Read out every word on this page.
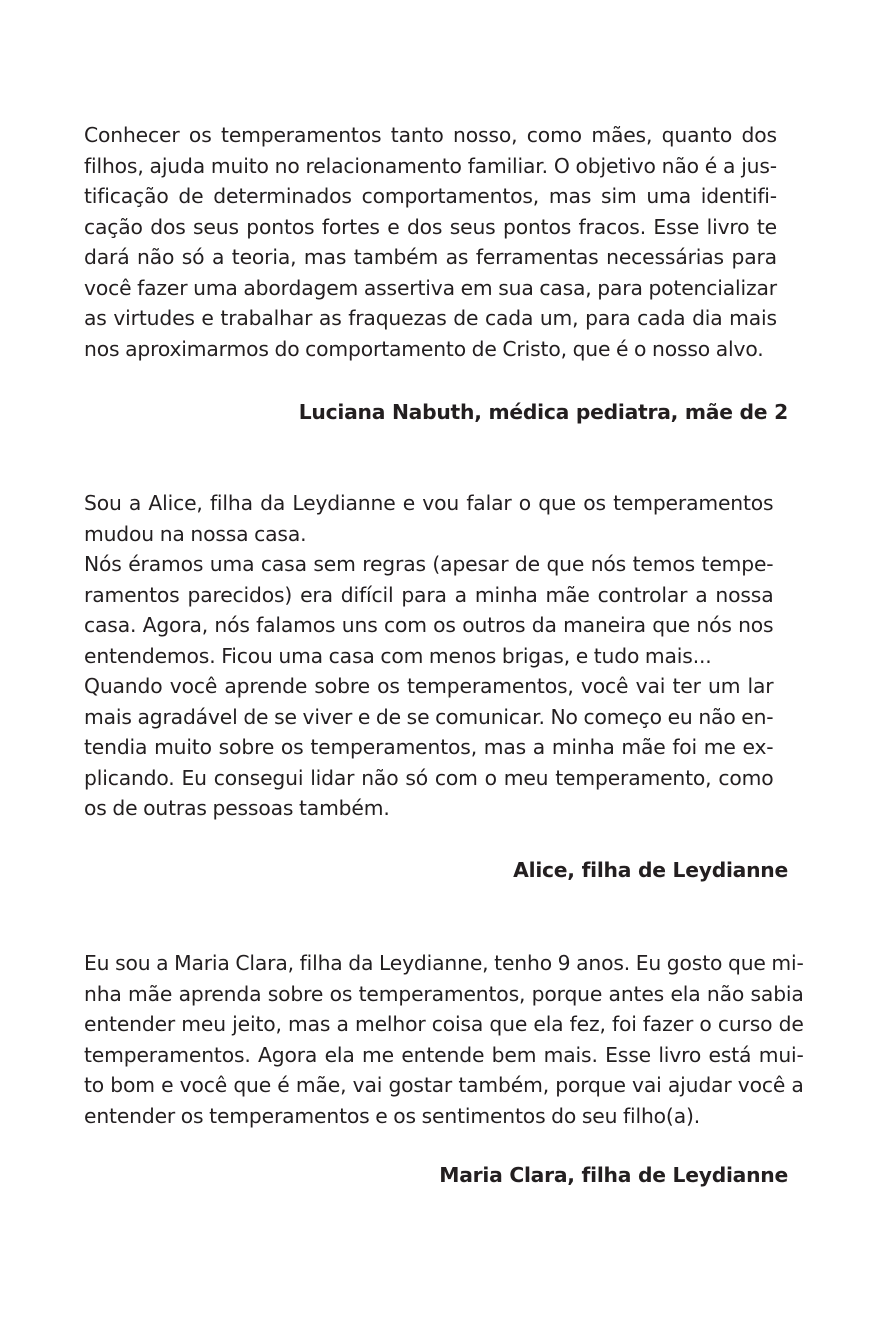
Conhecer os temperamentos tanto nosso, como mães, quanto dos
filhos, ajuda muito no relacionamento familiar. O objetivo não é a jus-
tificação de determinados comportamentos, mas sim uma identifi-
cação dos seus pontos fortes e dos seus pontos fracos. Esse livro te
dará não só a teoria, mas também as ferramentas necessárias para
você fazer uma abordagem assertiva em sua casa, para potencializar
as virtudes e trabalhar as fraquezas de cada um, para cada dia mais
nos aproximarmos do comportamento de Cristo, que é o nosso alvo.

Luciana Nabuth, médica pediatra, mãe de 2

Sou a Alice, filha da Leydianne e vou falar o que os temperamentos
mudou na nossa casa.
Nós éramos uma casa sem regras (apesar de que nós temos tempe-
ramentos parecidos) era difícil para a minha mãe controlar a nossa
casa. Agora, nós falamos uns com os outros da maneira que nós nos
entendemos. Ficou uma casa com menos brigas, e tudo mais...
Quando você aprende sobre os temperamentos, você vai ter um lar
mais agradável de se viver e de se comunicar. No começo eu não en-
tendia muito sobre os temperamentos, mas a minha mãe foi me ex-
plicando. Eu consegui lidar não só com o meu temperamento, como
os de outras pessoas também.

Alice, filha de Leydianne

Eu sou a Maria Clara, filha da Leydianne, tenho 9 anos. Eu gosto que mi-
nha mãe aprenda sobre os temperamentos, porque antes ela não sabia
entender meu jeito, mas a melhor coisa que ela fez, foi fazer o curso de
temperamentos. Agora ela me entende bem mais. Esse livro está mui-
to bom e você que é mãe, vai gostar também, porque vai ajudar você a
entender os temperamentos e os sentimentos do seu filho(a).

Maria Clara, filha de Leydianne
